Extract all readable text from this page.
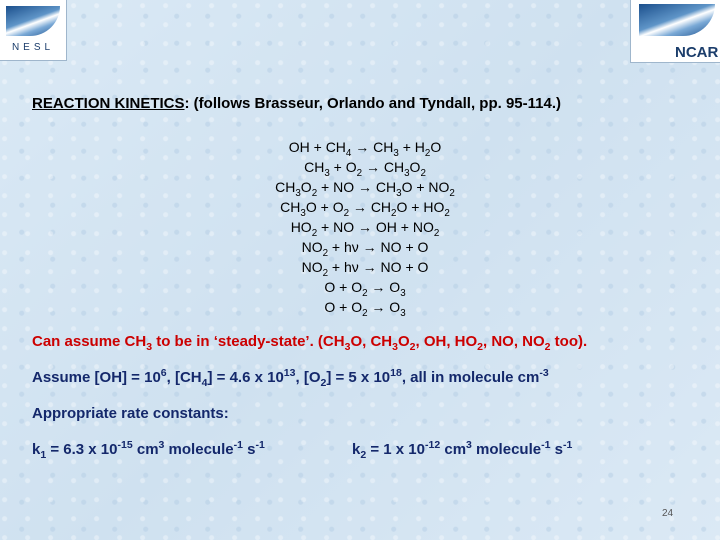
NESL	NCAR
REACTION KINETICS: (follows Brasseur, Orlando and Tyndall, pp. 95-114.)
OH + $CH_4 \to CH_3 + H_2O$
$CH_3 + O_2 \to CH_3O_2$
$CH_3O_2$ + NO → $CH_3O + NO_2$
$CH_3O + O_2 \to CH_2O + HO_2$
$HO_2$ + NO → OH + $NO_2$
$NO_2 + h\nu$ → NO + O
$NO_2 + h\nu$ → NO + O
$O + O_2 \to O_3$
$O + O_2 \to O_3$
Can assume $CH_3$ to be in ‘steady-state’. ($CH_3O$, $CH_3O_2$, OH, $HO_2$, NO, $NO_2$ too).
Assume $[OH] = 10^6$, $[CH_4] = 4.6$ x $10^{13}$, $[O_2] = 5$ x $10^{18}$, all in molecule $cm^{-3}$
Appropriate rate constants:
$k_1 = 6.3$ x $10^{-15}$ $cm^3$ molecule$^{-1}$ $s^{-1}$	$k_2 = 1$ x $10^{-12}$ $cm^3$ molecule$^{-1}$ $s^{-1}$
24
